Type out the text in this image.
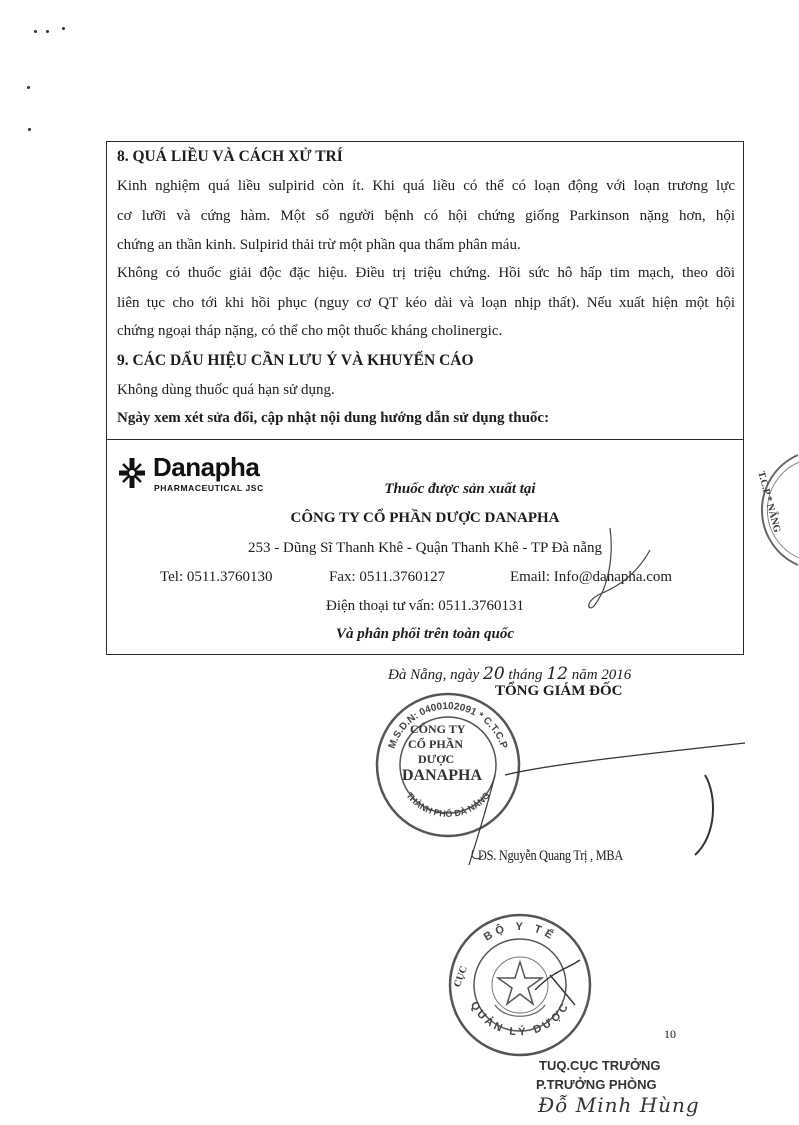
8. QUÁ LIỀU VÀ CÁCH XỬ TRÍ
Kinh nghiệm quá liều sulpirid còn ít. Khi quá liều có thể có loạn động với loạn trương lực
cơ lưỡi và cứng hàm. Một số người bệnh có hội chứng giống Parkinson nặng hơn, hội
chứng an thần kinh. Sulpirid thải trừ một phần qua thẩm phân máu.
Không có thuốc giải độc đặc hiệu. Điều trị triệu chứng. Hồi sức hô hấp tim mạch, theo dõi
liên tục cho tới khi hồi phục (nguy cơ QT kéo dài và loạn nhịp thất). Nếu xuất hiện một hội
chứng ngoại tháp nặng, có thể cho một thuốc kháng cholinergic.
9. CÁC DẤU HIỆU CẦN LƯU Ý VÀ KHUYẾN CÁO
Không dùng thuốc quá hạn sử dụng.
Ngày xem xét sửa đổi, cập nhật nội dung hướng dẫn sử dụng thuốc:
Danapha
PHARMACEUTICAL JSC	Thuốc được sản xuất tại
CÔNG TY CỔ PHẦN DƯỢC DANAPHA
253 - Dũng Sĩ Thanh Khê - Quận Thanh Khê - TP Đà nẵng
Tel: 0511.3760130	Fax: 0511.3760127	Email: Info@danapha.com
Điện thoại tư vấn: 0511.3760131
Và phân phối trên toàn quốc
T.C.P * NẴNG
Đà Nẵng, ngày 20 tháng 12 năm 2016
TỔNG GIÁM ĐỐC
M.S.D.N: 0400102091 * C.T.C.P
THÀNH PHỐ ĐÀ NẴNG
CÔNG TY
CỔ PHẦN
DƯỢC
DANAPHA
DS. Nguyễn Quang Trị , MBA
BỘ Y TẾ
QUẢN LÝ DƯỢC
CỤC
10
TUQ.CỤC TRƯỞNG
P.TRƯỞNG PHÒNG
Đỗ Minh Hùng
